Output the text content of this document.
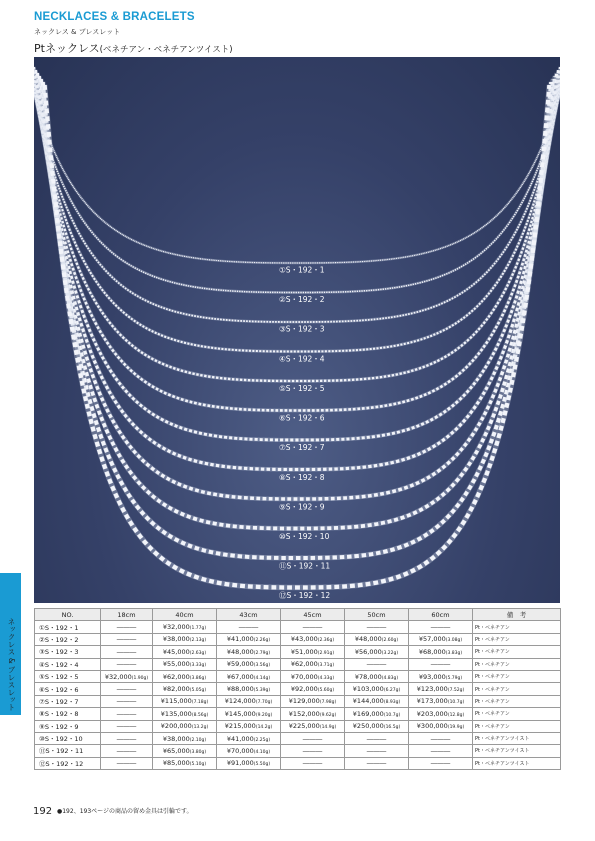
NECKLACES & BRACELETS
ネックレス & ブレスレット
Ptネックレス(ベネチアン・ベネチアンツイスト)
①S・192・1
②S・192・2
③S・192・3
④S・192・4
⑤S・192・5
⑥S・192・6
⑦S・192・7
⑧S・192・8
⑨S・192・9
⑩S・192・10
⑪S・192・11
⑫S・192・12
ネックレス & ブレスレット
NO.	18cm	40cm	43cm	45cm	50cm	60cm	備　考
①S・192・1	―――	¥32,000(1.77g)	―――	―――	―――	―――	Pt・ベネチアン
②S・192・2	―――	¥38,000(2.13g)	¥41,000(2.26g)	¥43,000(2.36g)	¥48,000(2.60g)	¥57,000(3.08g)	Pt・ベネチアン
③S・192・3	―――	¥45,000(2.63g)	¥48,000(2.79g)	¥51,000(2.91g)	¥56,000(3.22g)	¥68,000(3.83g)	Pt・ベネチアン
④S・192・4	―――	¥55,000(3.33g)	¥59,000(3.56g)	¥62,000(3.71g)	―――	―――	Pt・ベネチアン
⑤S・192・5	¥32,000(1.90g)	¥62,000(3.86g)	¥67,000(4.14g)	¥70,000(4.33g)	¥78,000(4.83g)	¥93,000(5.79g)	Pt・ベネチアン
⑥S・192・6	―――	¥82,000(5.05g)	¥88,000(5.39g)	¥92,000(5.60g)	¥103,000(6.27g)	¥123,000(7.52g)	Pt・ベネチアン
⑦S・192・7	―――	¥115,000(7.18g)	¥124,000(7.70g)	¥129,000(7.98g)	¥144,000(8.93g)	¥173,000(10.7g)	Pt・ベネチアン
⑧S・192・8	―――	¥135,000(8.56g)	¥145,000(9.20g)	¥152,000(9.62g)	¥169,000(10.7g)	¥203,000(12.8g)	Pt・ベネチアン
⑨S・192・9	―――	¥200,000(13.2g)	¥215,000(14.2g)	¥225,000(14.9g)	¥250,000(16.5g)	¥300,000(19.9g)	Pt・ベネチアン
⑩S・192・10	―――	¥38,000(2.10g)	¥41,000(2.25g)	―――	―――	―――	Pt・ベネチアンツイスト
⑪S・192・11	―――	¥65,000(3.80g)	¥70,000(4.10g)	―――	―――	―――	Pt・ベネチアンツイスト
⑫S・192・12	―――	¥85,000(5.10g)	¥91,000(5.50g)	―――	―――	―――	Pt・ベネチアンツイスト
192 ●192、193ページの商品の留め金具は引輪です。
